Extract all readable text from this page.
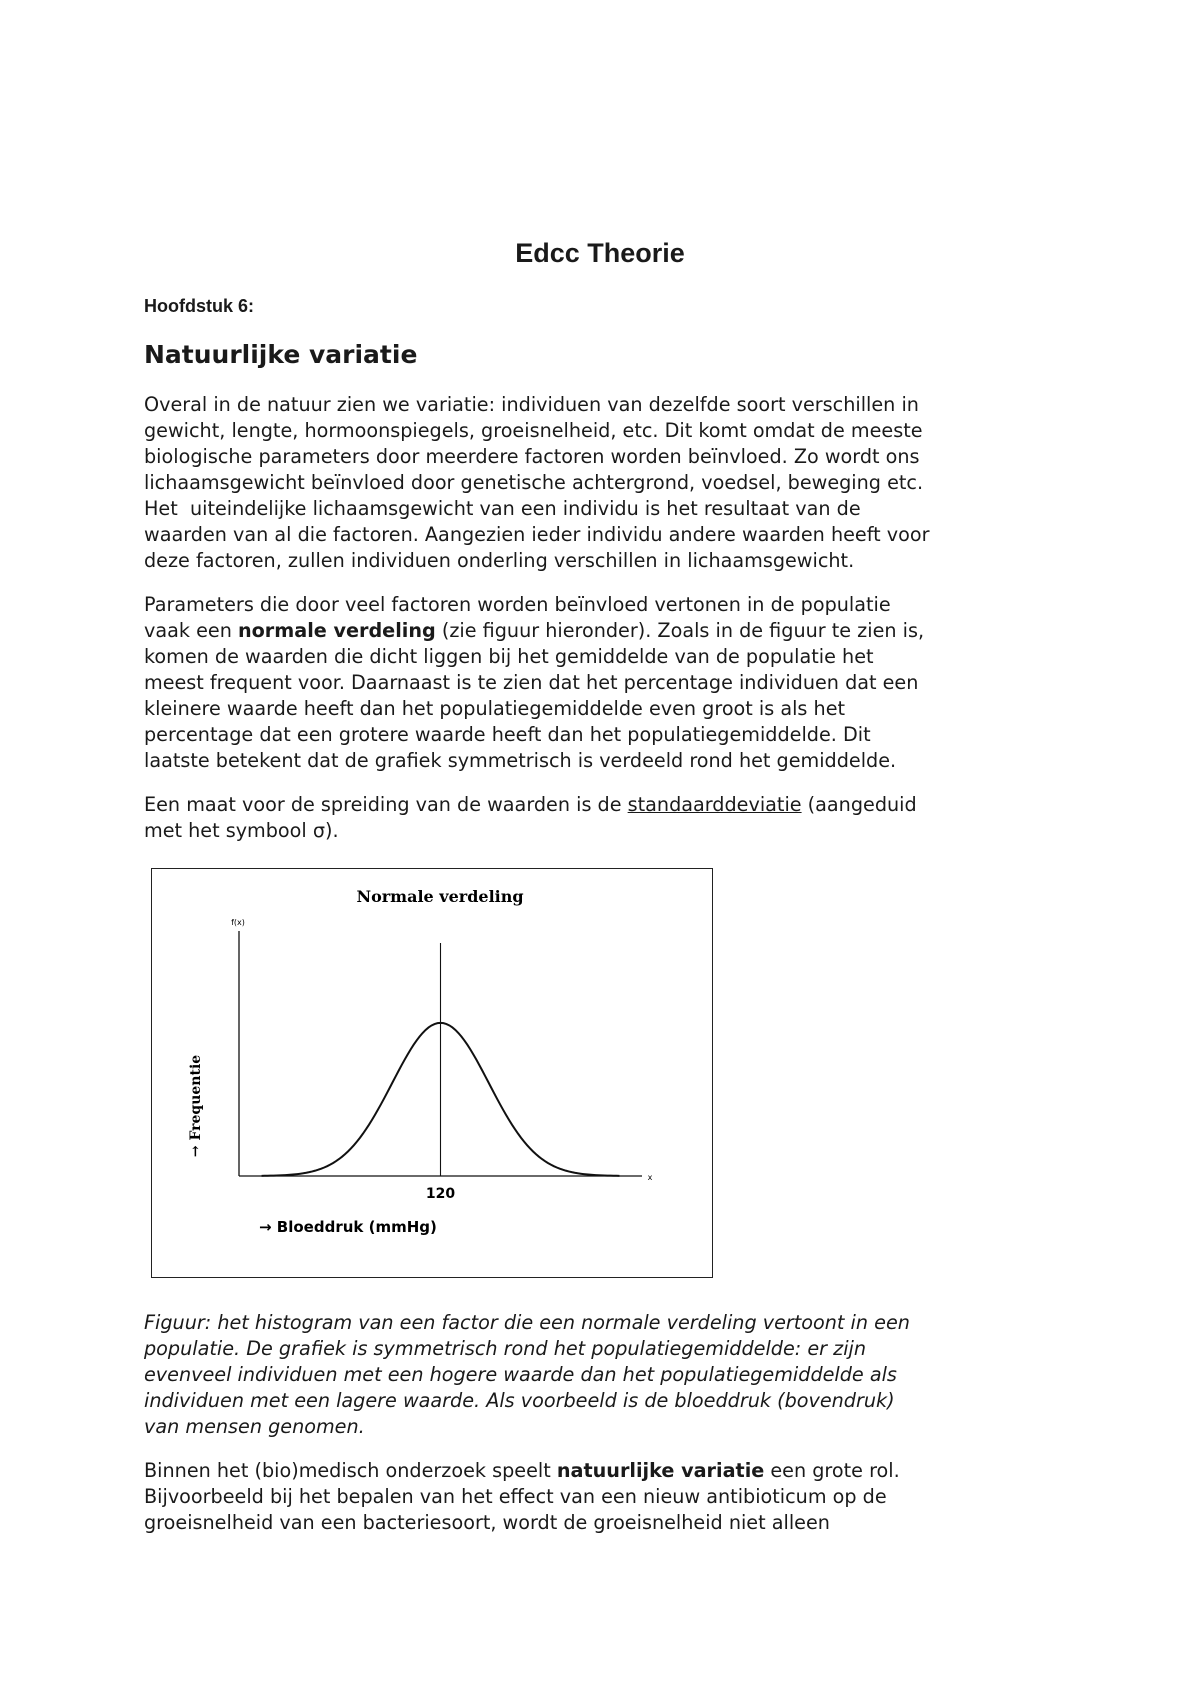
Edcc Theorie

Hoofdstuk 6:

Natuurlijke variatie
Overal in de natuur zien we variatie: individuen van dezelfde soort verschillen in
gewicht, lengte, hormoonspiegels, groeisnelheid, etc. Dit komt omdat de meeste
biologische parameters door meerdere factoren worden beïnvloed. Zo wordt ons
lichaamsgewicht beïnvloed door genetische achtergrond, voedsel, beweging etc.
Het  uiteindelijke lichaamsgewicht van een individu is het resultaat van de
waarden van al die factoren. Aangezien ieder individu andere waarden heeft voor
deze factoren, zullen individuen onderling verschillen in lichaamsgewicht.
Parameters die door veel factoren worden beïnvloed vertonen in de populatie
vaak een normale verdeling (zie figuur hieronder). Zoals in de figuur te zien is,
komen de waarden die dicht liggen bij het gemiddelde van de populatie het
meest frequent voor. Daarnaast is te zien dat het percentage individuen dat een
kleinere waarde heeft dan het populatiegemiddelde even groot is als het
percentage dat een grotere waarde heeft dan het populatiegemiddelde. Dit
laatste betekent dat de grafiek symmetrisch is verdeeld rond het gemiddelde.
Een maat voor de spreiding van de waarden is de standaarddeviatie (aangeduid
met het symbool σ).
Normale verdeling
f(x)
x
120
→ Bloeddruk (mmHg)
→ Frequentie
Figuur: het histogram van een factor die een normale verdeling vertoont in een
populatie. De grafiek is symmetrisch rond het populatiegemiddelde: er zijn
evenveel individuen met een hogere waarde dan het populatiegemiddelde als
individuen met een lagere waarde. Als voorbeeld is de bloeddruk (bovendruk)
van mensen genomen.
Binnen het (bio)medisch onderzoek speelt natuurlijke variatie een grote rol.
Bijvoorbeeld bij het bepalen van het effect van een nieuw antibioticum op de
groeisnelheid van een bacteriesoort, wordt de groeisnelheid niet alleen
